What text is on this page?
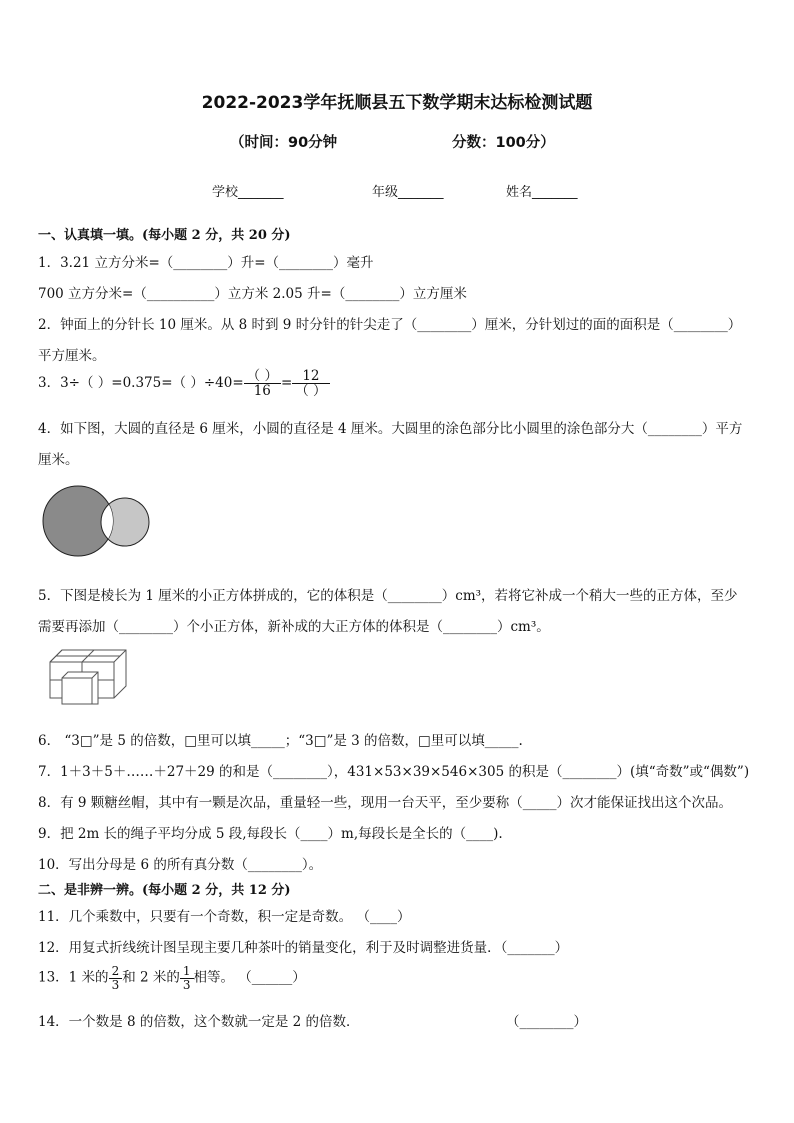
2022-2023学年抚顺县五下数学期末达标检测试题
（时间：90分钟	分数：100分）
学校_______	年级_______	姓名_______
一、认真填一填。(每小题 2 分，共 20 分)
1．3.21 立方分米=（________）升=（________）毫升
700 立方分米=（__________）立方米 2.05 升=（________）立方厘米
2．钟面上的分针长 10 厘米。从 8 时到 9 时分针的针尖走了（________）厘米，分针划过的面的面积是（________）
平方厘米。
3．3÷（ ）=0.375=（ ）$\div 40= \frac{( )}{16} = \frac{12}{( )}$
4．如下图，大圆的直径是 6 厘米，小圆的直径是 4 厘米。大圆里的涂色部分比小圆里的涂色部分大（________）平方
厘米。
5．下图是棱长为 1 厘米的小正方体拼成的，它的体积是（________）cm³，若将它补成一个稍大一些的正方体，至少
需要再添加（________）个小正方体，新补成的大正方体的体积是（________）cm³。
6． “3□”是 5 的倍数，□里可以填_____；“3□”是 3 的倍数，□里可以填_____.
7．1＋3＋5＋……＋27＋29 的和是（________），431×53×39×546×305 的积是（________）(填“奇数”或“偶数”)
8．有 9 颗糖丝帽，其中有一颗是次品，重量轻一些，现用一台天平，至少要称（_____）次才能保证找出这个次品。
9．把 2m 长的绳子平均分成 5 段,每段长（____）m,每段长是全长的（____).
10．写出分母是 6 的所有真分数（________）。
二、是非辨一辨。(每小题 2 分，共 12 分)
11．几个乘数中，只要有一个奇数，积一定是奇数。 （____）
12．用复式折线统计图呈现主要几种茶叶的销量变化，利于及时调整进货量．（_______）
13．1 米的 $\frac{2}{3}$ 和 2 米的 $\frac{1}{3}$ 相等。 （______）
14．一个数是 8 的倍数，这个数就一定是 2 的倍数．	（________）
